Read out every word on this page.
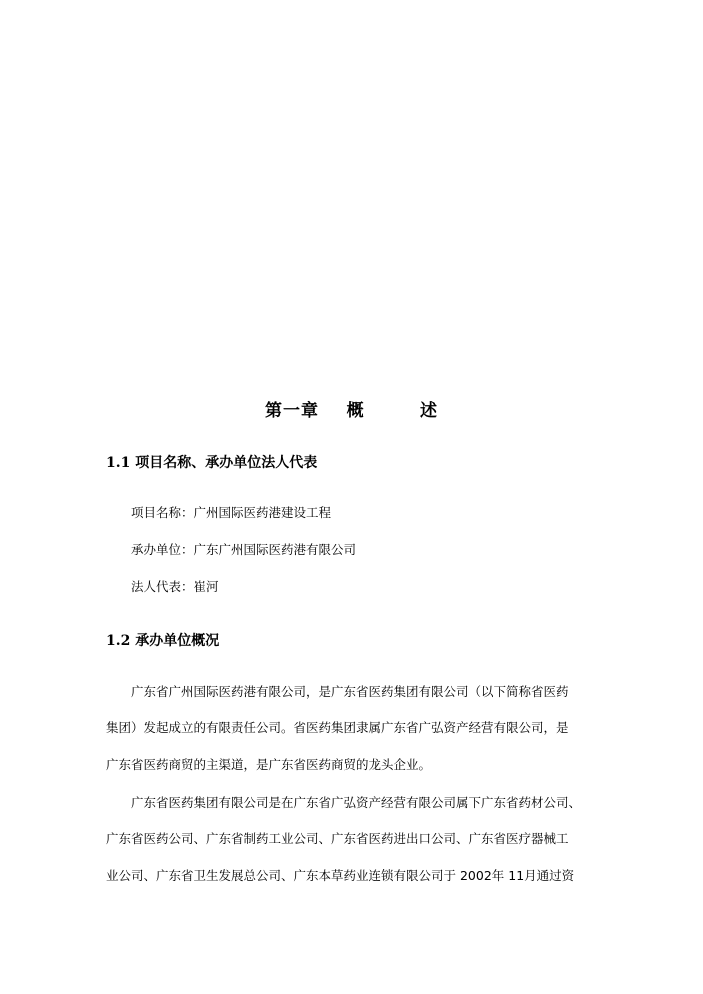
第一章    概        述
1.1 项目名称、承办单位法人代表
项目名称：广州国际医药港建设工程
承办单位：广东广州国际医药港有限公司
法人代表：崔河
1.2 承办单位概况
广东省广州国际医药港有限公司，是广东省医药集团有限公司（以下简称省医药
集团）发起成立的有限责任公司。省医药集团隶属广东省广弘资产经营有限公司，是
广东省医药商贸的主渠道，是广东省医药商贸的龙头企业。
广东省医药集团有限公司是在广东省广弘资产经营有限公司属下广东省药材公司、
广东省医药公司、广东省制药工业公司、广东省医药进出口公司、广东省医疗器械工
业公司、广东省卫生发展总公司、广东本草药业连锁有限公司于 2002年 11月通过资
